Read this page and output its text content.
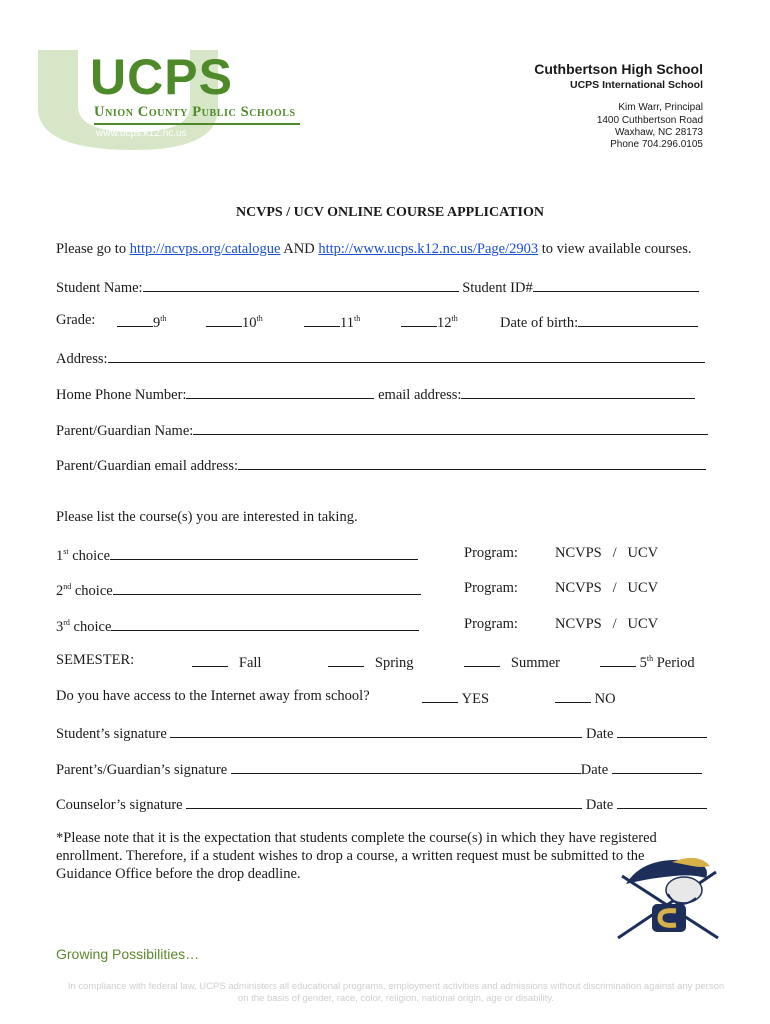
UCPS
Union County Public Schools
www.ucps.k12.nc.us
Cuthbertson High School
UCPS International School
Kim Warr, Principal
1400 Cuthbertson Road
Waxhaw, NC 28173
Phone 704.296.0105
NCVPS / UCV ONLINE COURSE APPLICATION
Please go to http://ncvps.org/catalogue AND http://www.ucps.k12.nc.us/Page/2903 to view available courses.
Student Name:	Student ID#
Grade:	9th	10th	11th	12th	Date of birth:
Address:
Home Phone Number:	email address:
Parent/Guardian Name:
Parent/Guardian email address:
Please list the course(s) you are interested in taking.
1st choice	Program:	NCVPS   /   UCV
2nd choice	Program:	NCVPS   /   UCV
3rd choice	Program:	NCVPS   /   UCV
SEMESTER:	Fall	Spring	Summer	5th Period
Do you have access to the Internet away from school?	YES	NO
Student’s signature	Date
Parent’s/Guardian’s signature	Date
Counselor’s signature	Date
*Please note that it is the expectation that students complete the course(s) in which they have registered enrollment. Therefore, if a student wishes to drop a course, a written request must be submitted to the Guidance Office before the drop deadline.
Growing Possibilities…
In compliance with federal law, UCPS administers all educational programs, employment activities and admissions without discrimination against any person on the basis of gender, race, color, religion, national origin, age or disability.
